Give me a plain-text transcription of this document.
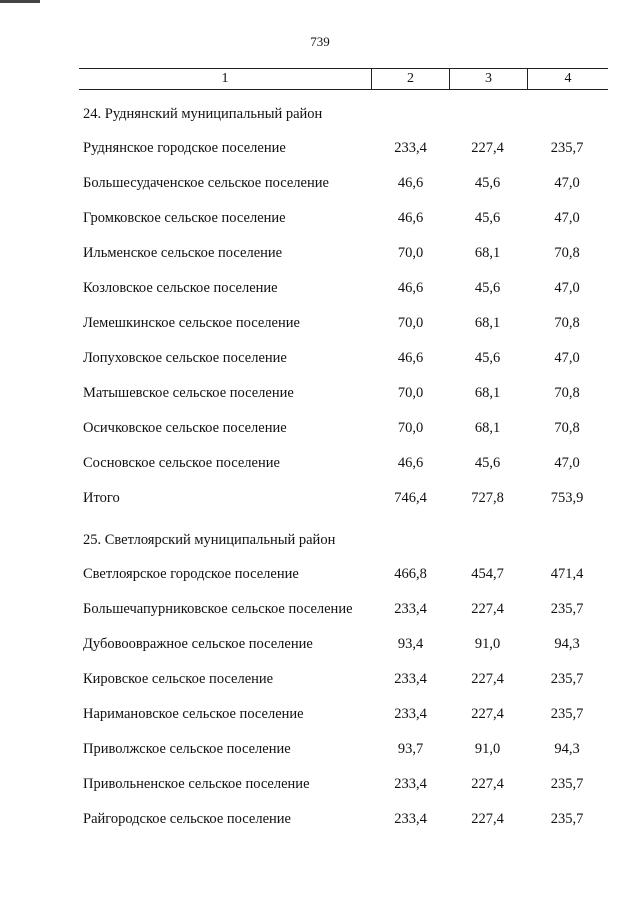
739
1	2	3	4
24. Руднянский муниципальный район
Руднянское городское поселение	233,4	227,4	235,7
Большесудаченское сельское поселение	46,6	45,6	47,0
Громковское сельское поселение	46,6	45,6	47,0
Ильменское сельское поселение	70,0	68,1	70,8
Козловское сельское поселение	46,6	45,6	47,0
Лемешкинское сельское поселение	70,0	68,1	70,8
Лопуховское сельское поселение	46,6	45,6	47,0
Матышевское сельское поселение	70,0	68,1	70,8
Осичковское сельское поселение	70,0	68,1	70,8
Сосновское сельское поселение	46,6	45,6	47,0
Итого	746,4	727,8	753,9
25. Светлоярский муниципальный район
Светлоярское городское поселение	466,8	454,7	471,4
Большечапурниковское сельское поселение	233,4	227,4	235,7
Дубовоовражное сельское поселение	93,4	91,0	94,3
Кировское сельское поселение	233,4	227,4	235,7
Наримановское сельское поселение	233,4	227,4	235,7
Приволжское сельское поселение	93,7	91,0	94,3
Привольненское сельское поселение	233,4	227,4	235,7
Райгородское сельское поселение	233,4	227,4	235,7
